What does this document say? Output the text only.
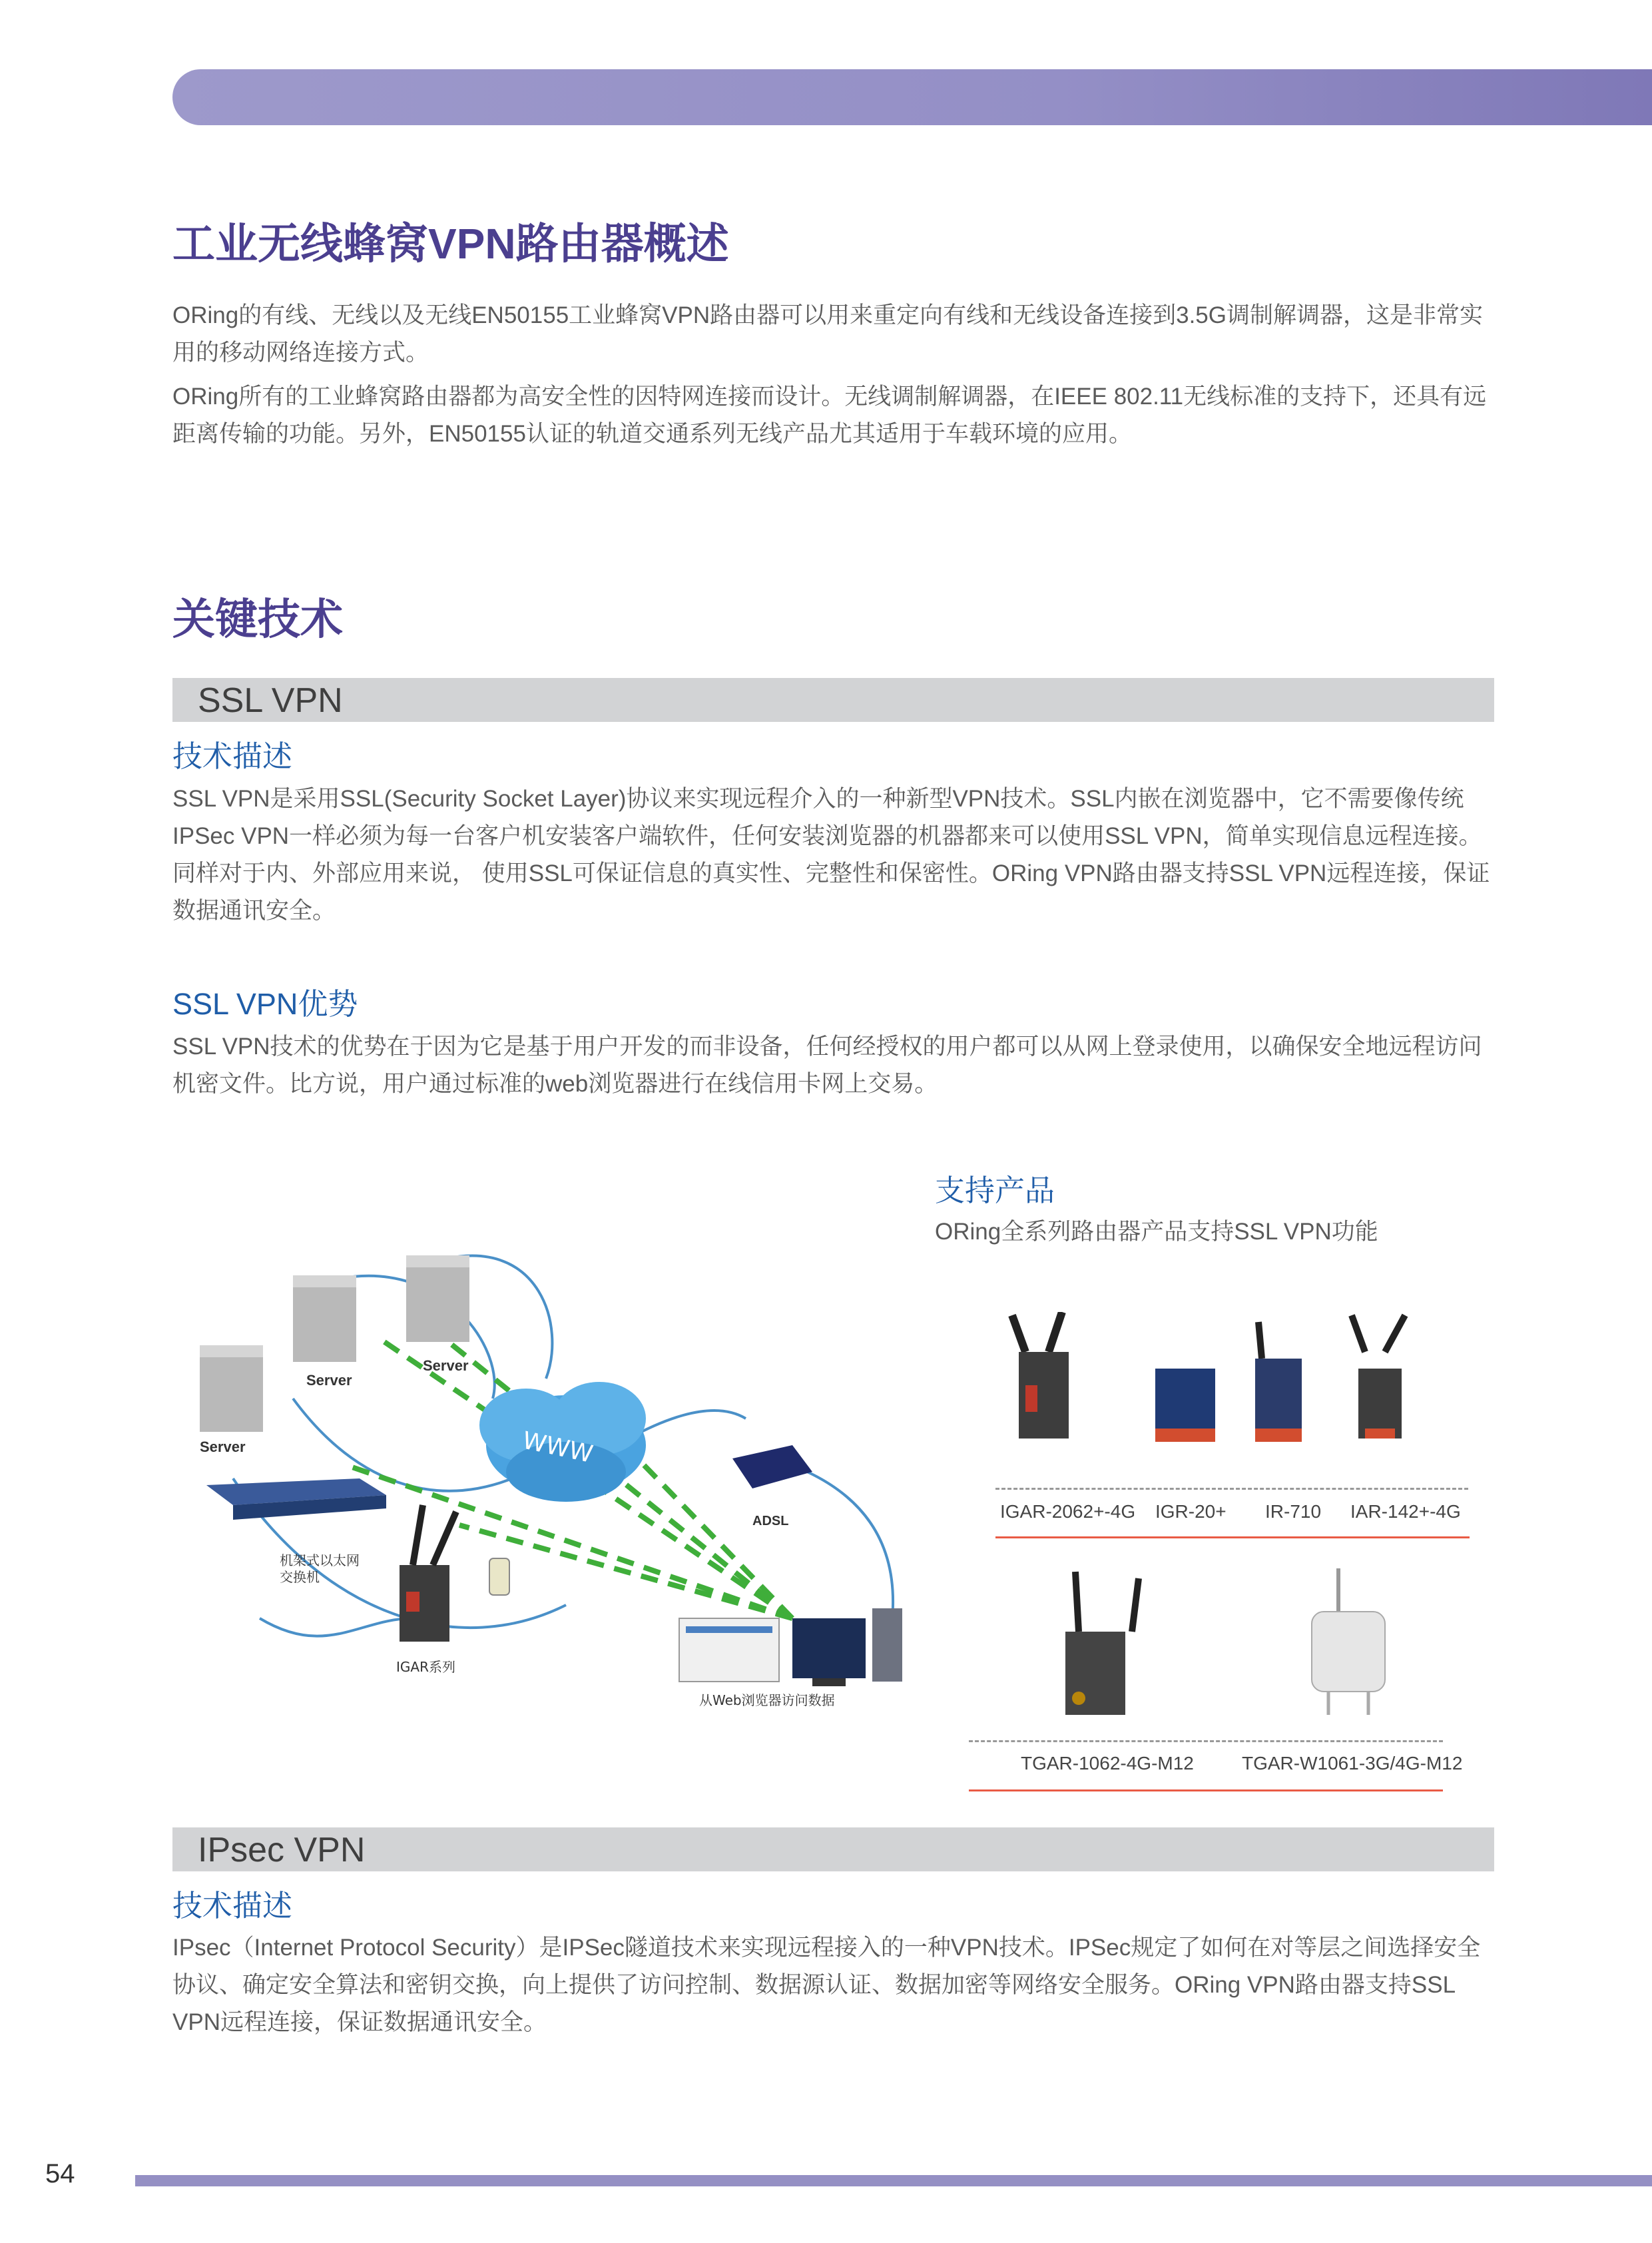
工业无线蜂窝VPN路由器概述

ORing的有线、无线以及无线EN50155工业蜂窝VPN路由器可以用来重定向有线和无线设备连接到3.5G调制解调器，这是非常实用的移动网络连接方式。

ORing所有的工业蜂窝路由器都为高安全性的因特网连接而设计。无线调制解调器，在IEEE 802.11无线标准的支持下，还具有远距离传输的功能。另外，EN50155认证的轨道交通系列无线产品尤其适用于车载环境的应用。

关键技术
SSL VPN
技术描述

SSL VPN是采用SSL(Security Socket Layer)协议来实现远程介入的一种新型VPN技术。SSL内嵌在浏览器中，它不需要像传统IPSec VPN一样必须为每一台客户机安装客户端软件，任何安装浏览器的机器都来可以使用SSL VPN，简单实现信息远程连接。同样对于内、外部应用来说， 使用SSL可保证信息的真实性、完整性和保密性。ORing VPN路由器支持SSL VPN远程连接，保证数据通讯安全。

SSL VPN优势

SSL VPN技术的优势在于因为它是基于用户开发的而非设备，任何经授权的用户都可以从网上登录使用，以确保安全地远程访问机密文件。比方说，用户通过标准的web浏览器进行在线信用卡网上交易。

WWW
Server
Server
Server
机架式以太网
交换机
IGAR系列
ADSL
从Web浏览器访问数据
支持产品
ORing全系列路由器产品支持SSL VPN功能
IGAR-2062+-4G IGR-20+ IR-710 IAR-142+-4G
TGAR-1062-4G-M12	TGAR-W1061-3G/4G-M12
IPsec VPN
技术描述

IPsec（Internet Protocol Security）是IPSec隧道技术来实现远程接入的一种VPN技术。IPSec规定了如何在对等层之间选择安全协议、确定安全算法和密钥交换，向上提供了访问控制、数据源认证、数据加密等网络安全服务。ORing VPN路由器支持SSL VPN远程连接，保证数据通讯安全。

54
